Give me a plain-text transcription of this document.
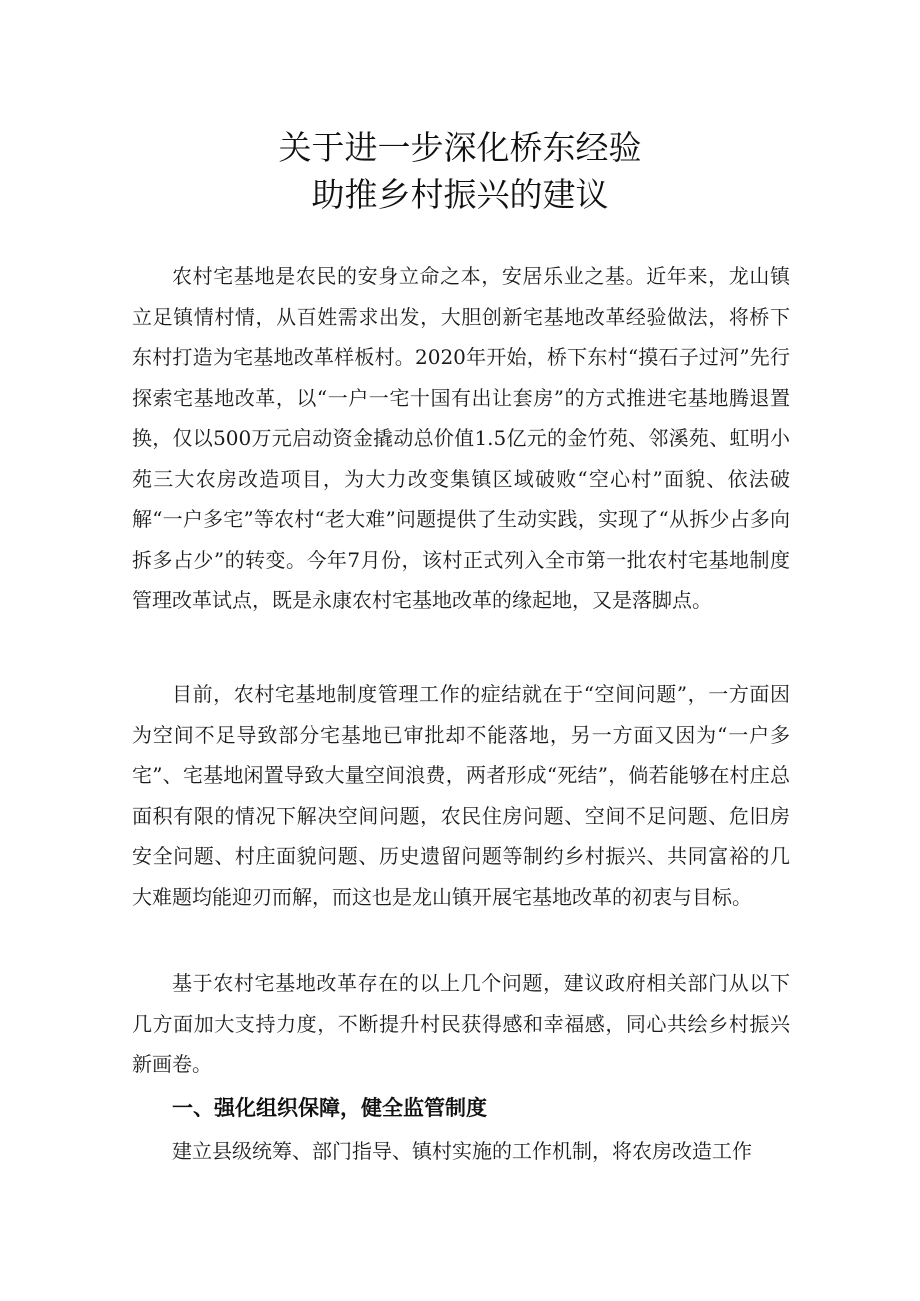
关于进一步深化桥东经验
助推乡村振兴的建议

农村宅基地是农民的安身立命之本，安居乐业之基。近年来，龙山镇立足镇情村情，从百姓需求出发，大胆创新宅基地改革经验做法，将桥下东村打造为宅基地改革样板村。2020年开始，桥下东村“摸石子过河”先行探索宅基地改革，以“一户一宅十国有出让套房”的方式推进宅基地腾退置换，仅以500万元启动资金撬动总价值1.5亿元的金竹苑、邻溪苑、虹明小苑三大农房改造项目，为大力改变集镇区域破败“空心村”面貌、依法破解“一户多宅”等农村“老大难”问题提供了生动实践，实现了“从拆少占多向拆多占少”的转变。今年7月份，该村正式列入全市第一批农村宅基地制度管理改革试点，既是永康农村宅基地改革的缘起地，又是落脚点。

目前，农村宅基地制度管理工作的症结就在于“空间问题”，一方面因为空间不足导致部分宅基地已审批却不能落地，另一方面又因为“一户多宅”、宅基地闲置导致大量空间浪费，两者形成“死结”，倘若能够在村庄总面积有限的情况下解决空间问题，农民住房问题、空间不足问题、危旧房安全问题、村庄面貌问题、历史遗留问题等制约乡村振兴、共同富裕的几大难题均能迎刃而解，而这也是龙山镇开展宅基地改革的初衷与目标。

基于农村宅基地改革存在的以上几个问题，建议政府相关部门从以下几方面加大支持力度，不断提升村民获得感和幸福感，同心共绘乡村振兴新画卷。

一、强化组织保障，健全监管制度

建立县级统筹、部门指导、镇村实施的工作机制，将农房改造工作
